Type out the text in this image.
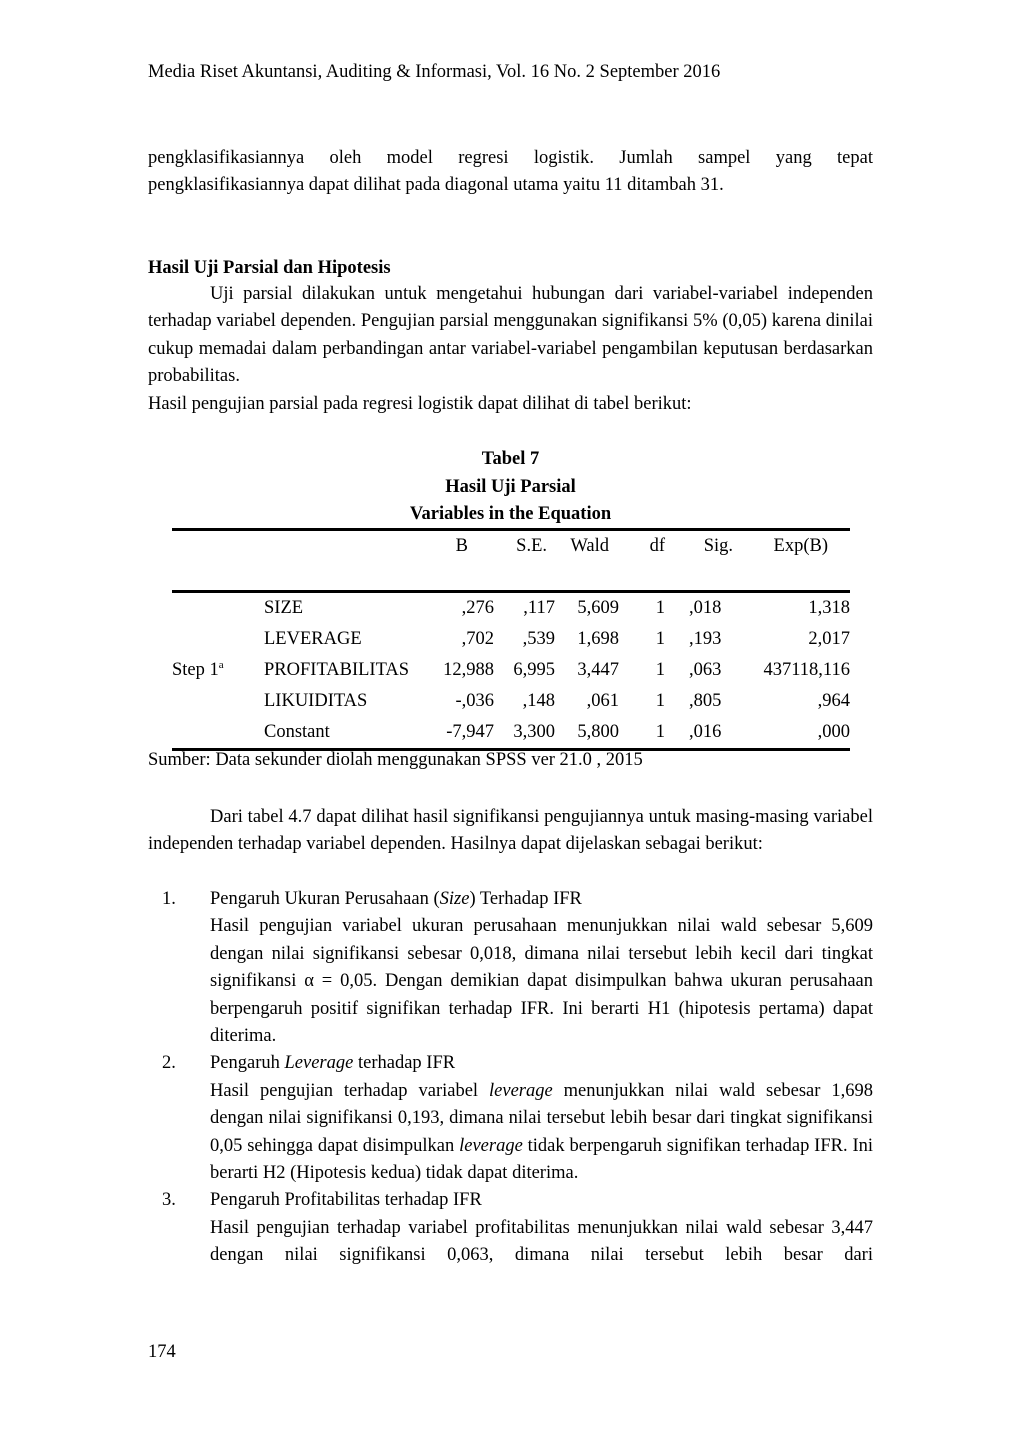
Media Riset Akuntansi, Auditing & Informasi, Vol. 16 No. 2 September 2016

pengklasifikasiannya oleh model regresi logistik. Jumlah sampel yang tepat

pengklasifikasiannya dapat dilihat pada diagonal utama yaitu 11 ditambah 31.

Hasil Uji Parsial dan Hipotesis

Uji parsial dilakukan untuk mengetahui hubungan dari variabel-variabel independen terhadap variabel dependen. Pengujian parsial menggunakan signifikansi 5% (0,05) karena dinilai cukup memadai dalam perbandingan antar variabel-variabel pengambilan keputusan berdasarkan probabilitas.

Hasil pengujian parsial pada regresi logistik dapat dilihat di tabel berikut:

Tabel 7
Hasil Uji Parsial
Variables in the Equation
		B	S.E.	Wald	df	Sig.	Exp(B)

Step 1$^a$	SIZE	,276	,117	5,609	1	,018	1,318
	LEVERAGE	,702	,539	1,698	1	,193	2,017
	PROFITABILITAS	12,988	6,995	3,447	1	,063	437118,116
	LIKUIDITAS	-,036	,148	,061	1	,805	,964
	Constant	-7,947	3,300	5,800	1	,016	,000
Sumber: Data sekunder diolah menggunakan SPSS ver 21.0 , 2015

Dari tabel 4.7 dapat dilihat hasil signifikansi pengujiannya untuk masing-masing variabel independen terhadap variabel dependen. Hasilnya dapat dijelaskan sebagai berikut:

1. Pengaruh Ukuran Perusahaan (Size) Terhadap IFR

Hasil pengujian variabel ukuran perusahaan menunjukkan nilai wald sebesar 5,609 dengan nilai signifikansi sebesar 0,018, dimana nilai tersebut lebih kecil dari tingkat signifikansi α = 0,05. Dengan demikian dapat disimpulkan bahwa ukuran perusahaan berpengaruh positif signifikan terhadap IFR. Ini berarti H1 (hipotesis pertama) dapat diterima.

2. Pengaruh Leverage terhadap IFR

Hasil pengujian terhadap variabel leverage menunjukkan nilai wald sebesar 1,698 dengan nilai signifikansi 0,193, dimana nilai tersebut lebih besar dari tingkat signifikansi 0,05 sehingga dapat disimpulkan leverage tidak berpengaruh signifikan terhadap IFR. Ini berarti H2 (Hipotesis kedua) tidak dapat diterima.

3. Pengaruh Profitabilitas terhadap IFR

Hasil pengujian terhadap variabel profitabilitas menunjukkan nilai wald sebesar 3,447 dengan nilai signifikansi 0,063, dimana nilai tersebut lebih besar dari

174
